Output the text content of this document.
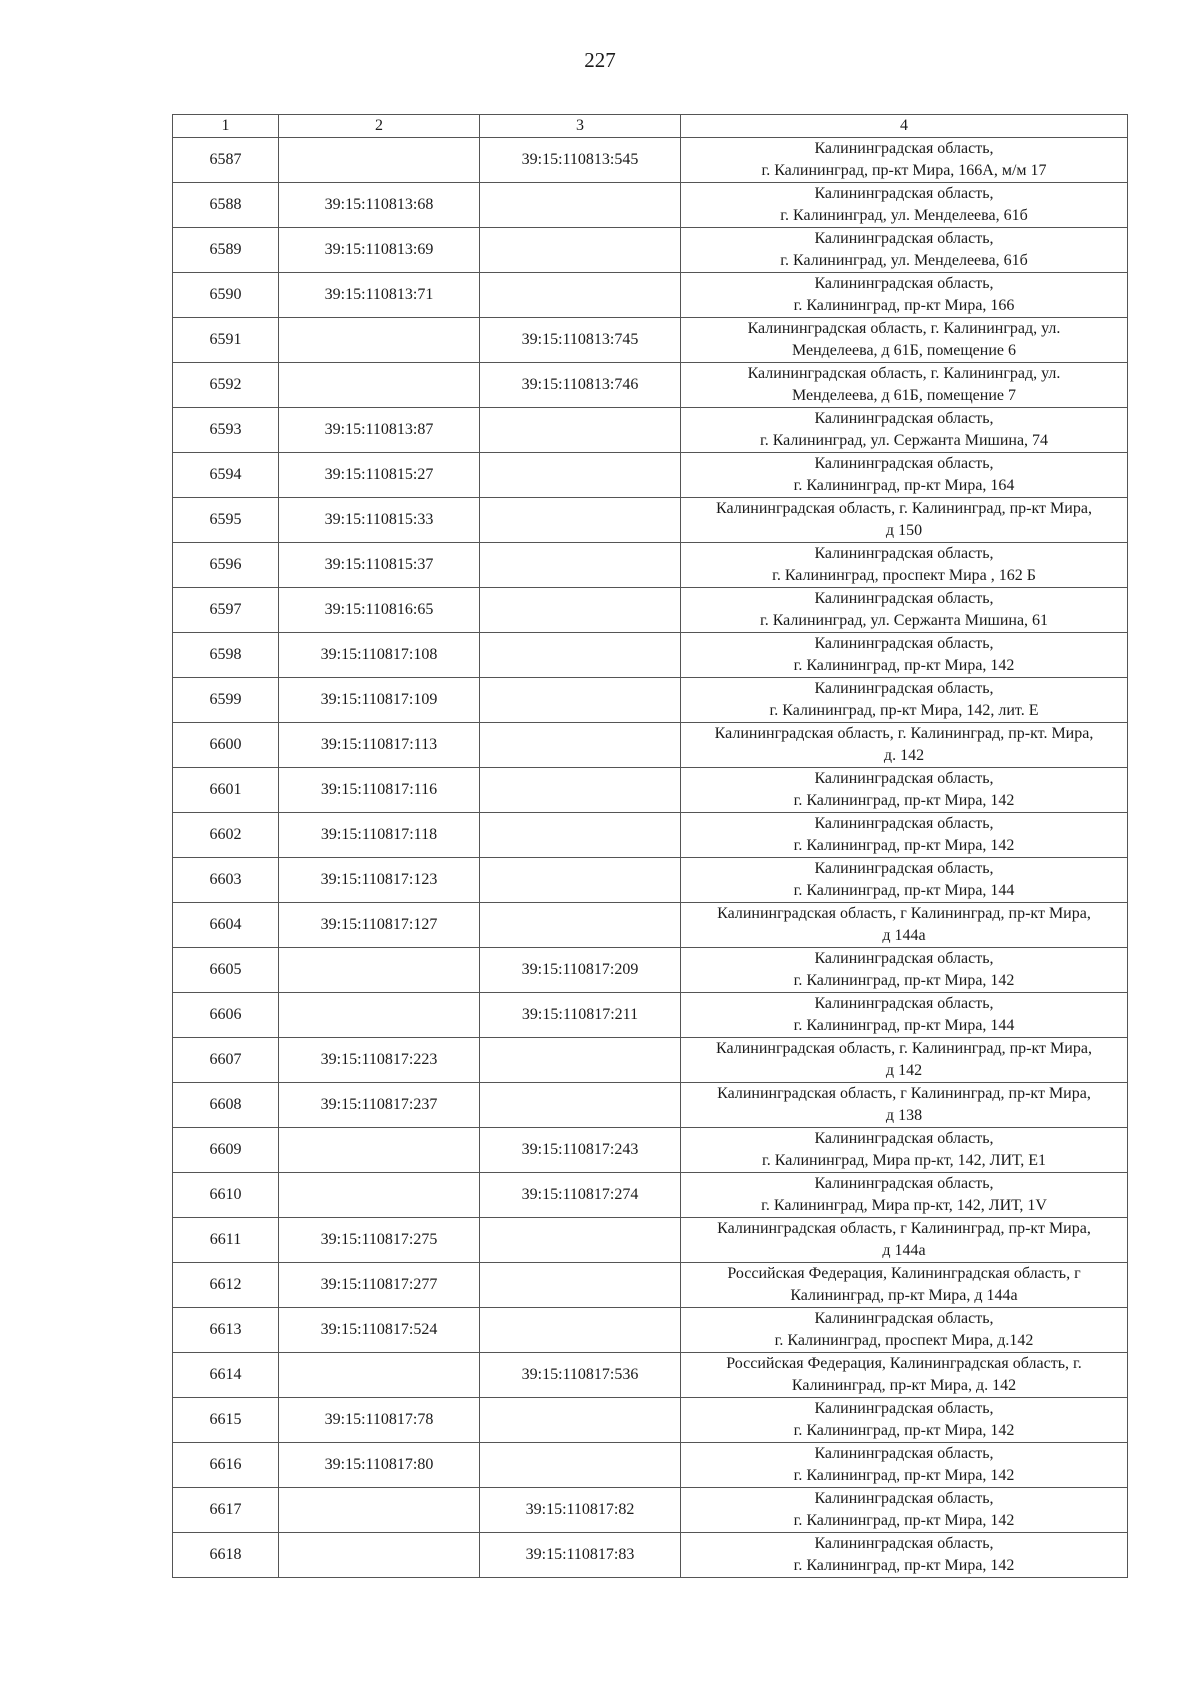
227
1	2	3	4
6587		39:15:110813:545	Калининградская область,
г. Калининград, пр-кт Мира, 166А, м/м 17

6588	39:15:110813:68		Калининградская область,
г. Калининград, ул. Менделеева, 61б

6589	39:15:110813:69		Калининградская область,
г. Калининград, ул. Менделеева, 61б

6590	39:15:110813:71		Калининградская область,
г. Калининград, пр-кт Мира, 166

6591		39:15:110813:745	Калининградская область, г. Калининград, ул.
Менделеева, д 61Б, помещение 6

6592		39:15:110813:746	Калининградская область, г. Калининград, ул.
Менделеева, д 61Б, помещение 7

6593	39:15:110813:87		Калининградская область,
г. Калининград, ул. Сержанта Мишина, 74

6594	39:15:110815:27		Калининградская область,
г. Калининград, пр-кт Мира, 164

6595	39:15:110815:33		Калининградская область, г. Калининград, пр-кт Мира,
д 150

6596	39:15:110815:37		Калининградская область,
г. Калининград, проспект Мира , 162 Б

6597	39:15:110816:65		Калининградская область,
г. Калининград, ул. Сержанта Мишина, 61

6598	39:15:110817:108		Калининградская область,
г. Калининград, пр-кт Мира, 142

6599	39:15:110817:109		Калининградская область,
г. Калининград, пр-кт Мира, 142, лит. Е

6600	39:15:110817:113		Калининградская область, г. Калининград, пр-кт. Мира,
д. 142

6601	39:15:110817:116		Калининградская область,
г. Калининград, пр-кт Мира, 142

6602	39:15:110817:118		Калининградская область,
г. Калининград, пр-кт Мира, 142

6603	39:15:110817:123		Калининградская область,
г. Калининград, пр-кт Мира, 144

6604	39:15:110817:127		Калининградская область, г Калининград, пр-кт Мира,
д 144а

6605		39:15:110817:209	Калининградская область,
г. Калининград, пр-кт Мира, 142

6606		39:15:110817:211	Калининградская область,
г. Калининград, пр-кт Мира, 144

6607	39:15:110817:223		Калининградская область, г. Калининград, пр-кт Мира,
д 142

6608	39:15:110817:237		Калининградская область, г Калининград, пр-кт Мира,
д 138

6609		39:15:110817:243	Калининградская область,
г. Калининград, Мира пр-кт, 142, ЛИТ, Е1

6610		39:15:110817:274	Калининградская область,
г. Калининград, Мира пр-кт, 142, ЛИТ, 1V

6611	39:15:110817:275		Калининградская область, г Калининград, пр-кт Мира,
д 144а

6612	39:15:110817:277		Российская Федерация, Калининградская область, г
Калининград, пр-кт Мира, д 144а

6613	39:15:110817:524		Калининградская область,
г. Калининград, проспект Мира, д.142

6614		39:15:110817:536	Российская Федерация, Калининградская область, г.
Калининград, пр-кт Мира, д. 142

6615	39:15:110817:78		Калининградская область,
г. Калининград, пр-кт Мира, 142

6616	39:15:110817:80		Калининградская область,
г. Калининград, пр-кт Мира, 142

6617		39:15:110817:82	Калининградская область,
г. Калининград, пр-кт Мира, 142

6618		39:15:110817:83	Калининградская область,
г. Калининград, пр-кт Мира, 142
